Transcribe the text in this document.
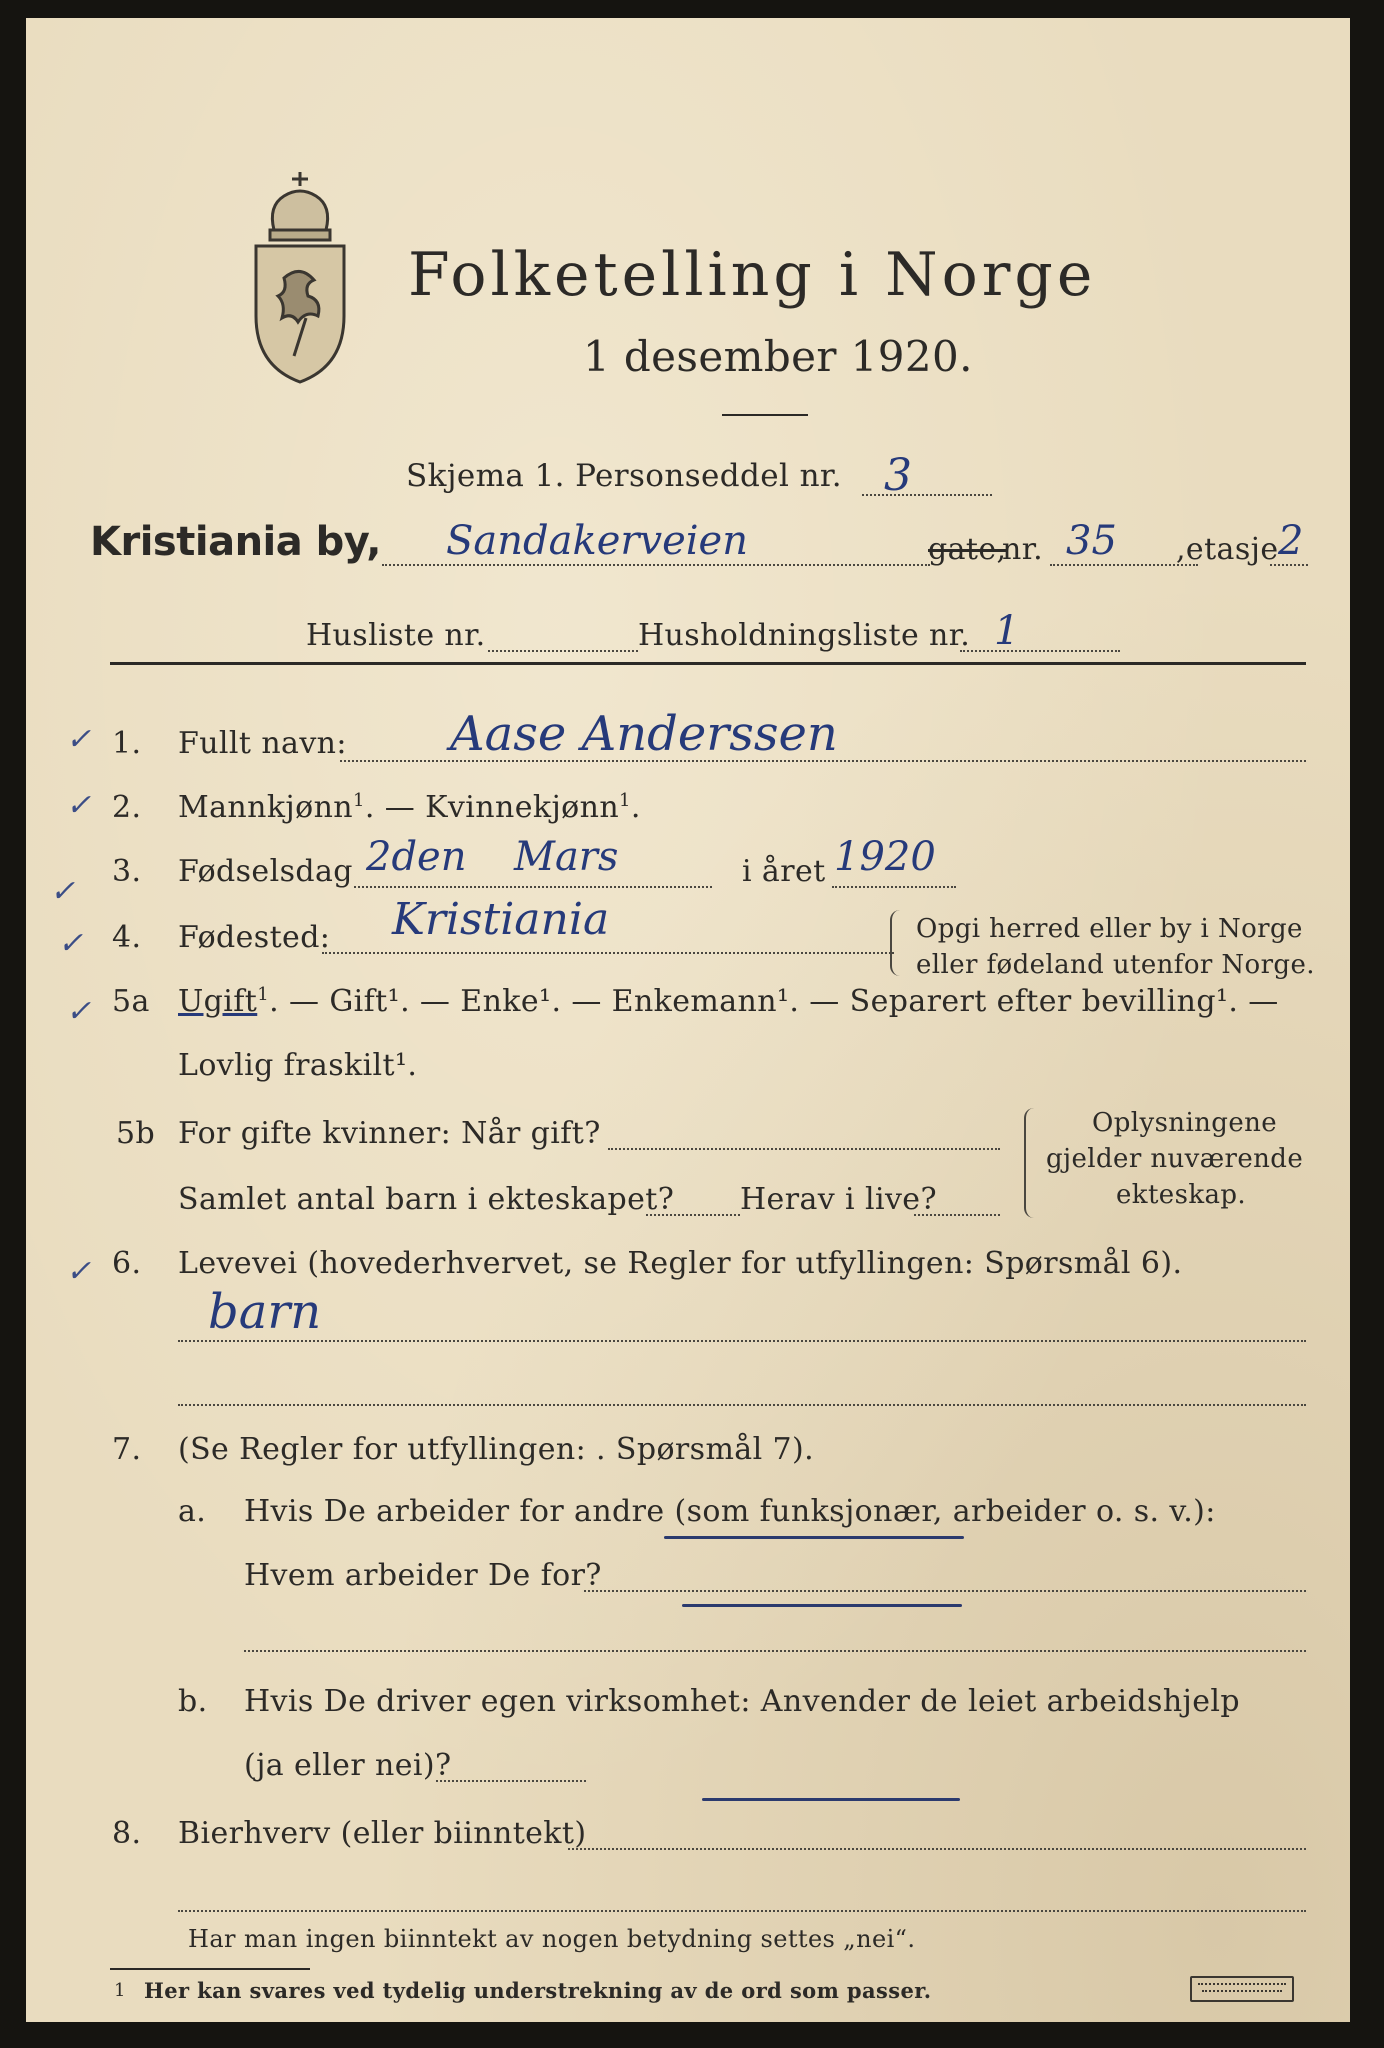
Folketelling i Norge
1 desember 1920.
Skjema 1. Personseddel nr. 3
Kristiania by, Sandakerveien	gate,
nr. 35 ,etasje 2
Husliste nr.	Husholdningsliste nr. 1
✓ 1. Fullt navn: Aase Anderssen
✓ 2. Mannkjønn$^1$. — Kvinnekjønn$^1$.
✓
3. Fødselsdag 2den Mars	i året 1920
✓ 4. Fødested: Kristiania	Opgi herred eller by i Norge
eller fødeland utenfor Norge.
✓ 5a Ugift$^1$. — Gift¹. — Enke¹. — Enkemann¹. — Separert efter bevilling¹. —
Lovlig fraskilt¹.
5b For gifte kvinner: Når gift?
Samlet antal barn i ekteskapet? Herav i live?
Oplysningene
gjelder nuværende
ekteskap.
✓ 6. Levevei (hovederhvervet, se Regler for utfyllingen: Spørsmål 6).
barn
7. (Se Regler for utfyllingen: . Spørsmål 7).
a. Hvis De arbeider for andre (som funksjonær, arbeider o. s. v.):
Hvem arbeider De for?
b. Hvis De driver egen virksomhet: Anvender de leiet arbeidshjelp
(ja eller nei)?
8. Bierhverv (eller biinntekt)
Har man ingen biinntekt av nogen betydning settes „nei“.
1 Her kan svares ved tydelig understrekning av de ord som passer.
